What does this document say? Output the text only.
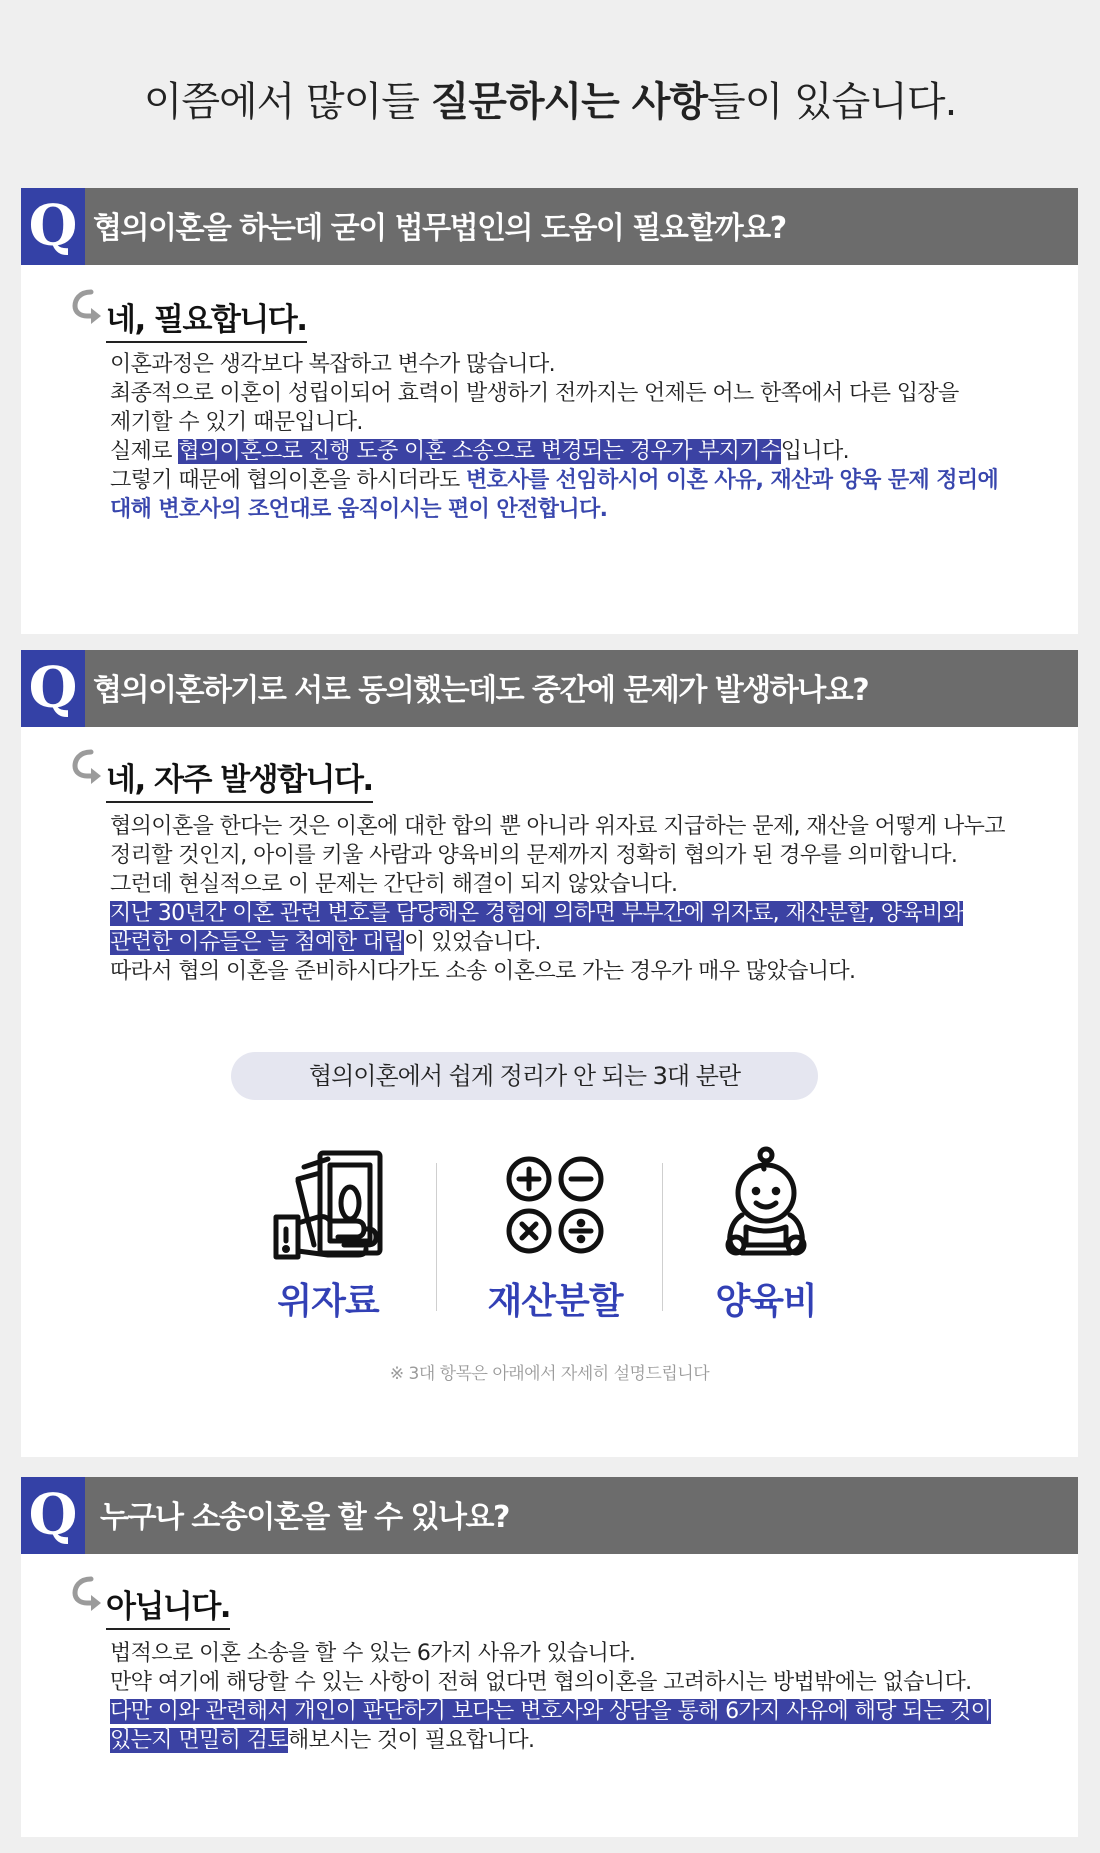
이쯤에서 많이들 질문하시는 사항들이 있습니다.
Q 협의이혼을 하는데 굳이 법무법인의 도움이 필요할까요?
네, 필요합니다.

이혼과정은 생각보다 복잡하고 변수가 많습니다.

최종적으로 이혼이 성립이되어 효력이 발생하기 전까지는 언제든 어느 한쪽에서 다른 입장을

제기할 수 있기 때문입니다.

실제로 협의이혼으로 진행 도중 이혼 소송으로 변경되는 경우가 부지기수입니다.

그렇기 때문에 협의이혼을 하시더라도 변호사를 선임하시어 이혼 사유, 재산과 양육 문제 정리에

대해 변호사의 조언대로 움직이시는 편이 안전합니다.

Q 협의이혼하기로 서로 동의했는데도 중간에 문제가 발생하나요?
네, 자주 발생합니다.

협의이혼을 한다는 것은 이혼에 대한 합의 뿐 아니라 위자료 지급하는 문제, 재산을 어떻게 나누고

정리할 것인지, 아이를 키울 사람과 양육비의 문제까지 정확히 협의가 된 경우를 의미합니다.

그런데 현실적으로 이 문제는 간단히 해결이 되지 않았습니다.

지난 30년간 이혼 관련 변호를 담당해온 경험에 의하면 부부간에 위자료, 재산분할, 양육비와

관련한 이슈들은 늘 첨예한 대립이 있었습니다.

따라서 협의 이혼을 준비하시다가도 소송 이혼으로 가는 경우가 매우 많았습니다.

협의이혼에서 쉽게 정리가 안 되는 3대 분란
위자료	재산분할	양육비
※ 3대 항목은 아래에서 자세히 설명드립니다
Q 누구나 소송이혼을 할 수 있나요?
아닙니다.

법적으로 이혼 소송을 할 수 있는 6가지 사유가 있습니다.

만약 여기에 해당할 수 있는 사항이 전혀 없다면 협의이혼을 고려하시는 방법밖에는 없습니다.

다만 이와 관련해서 개인이 판단하기 보다는 변호사와 상담을 통해 6가지 사유에 해당 되는 것이

있는지 면밀히 검토해보시는 것이 필요합니다.
